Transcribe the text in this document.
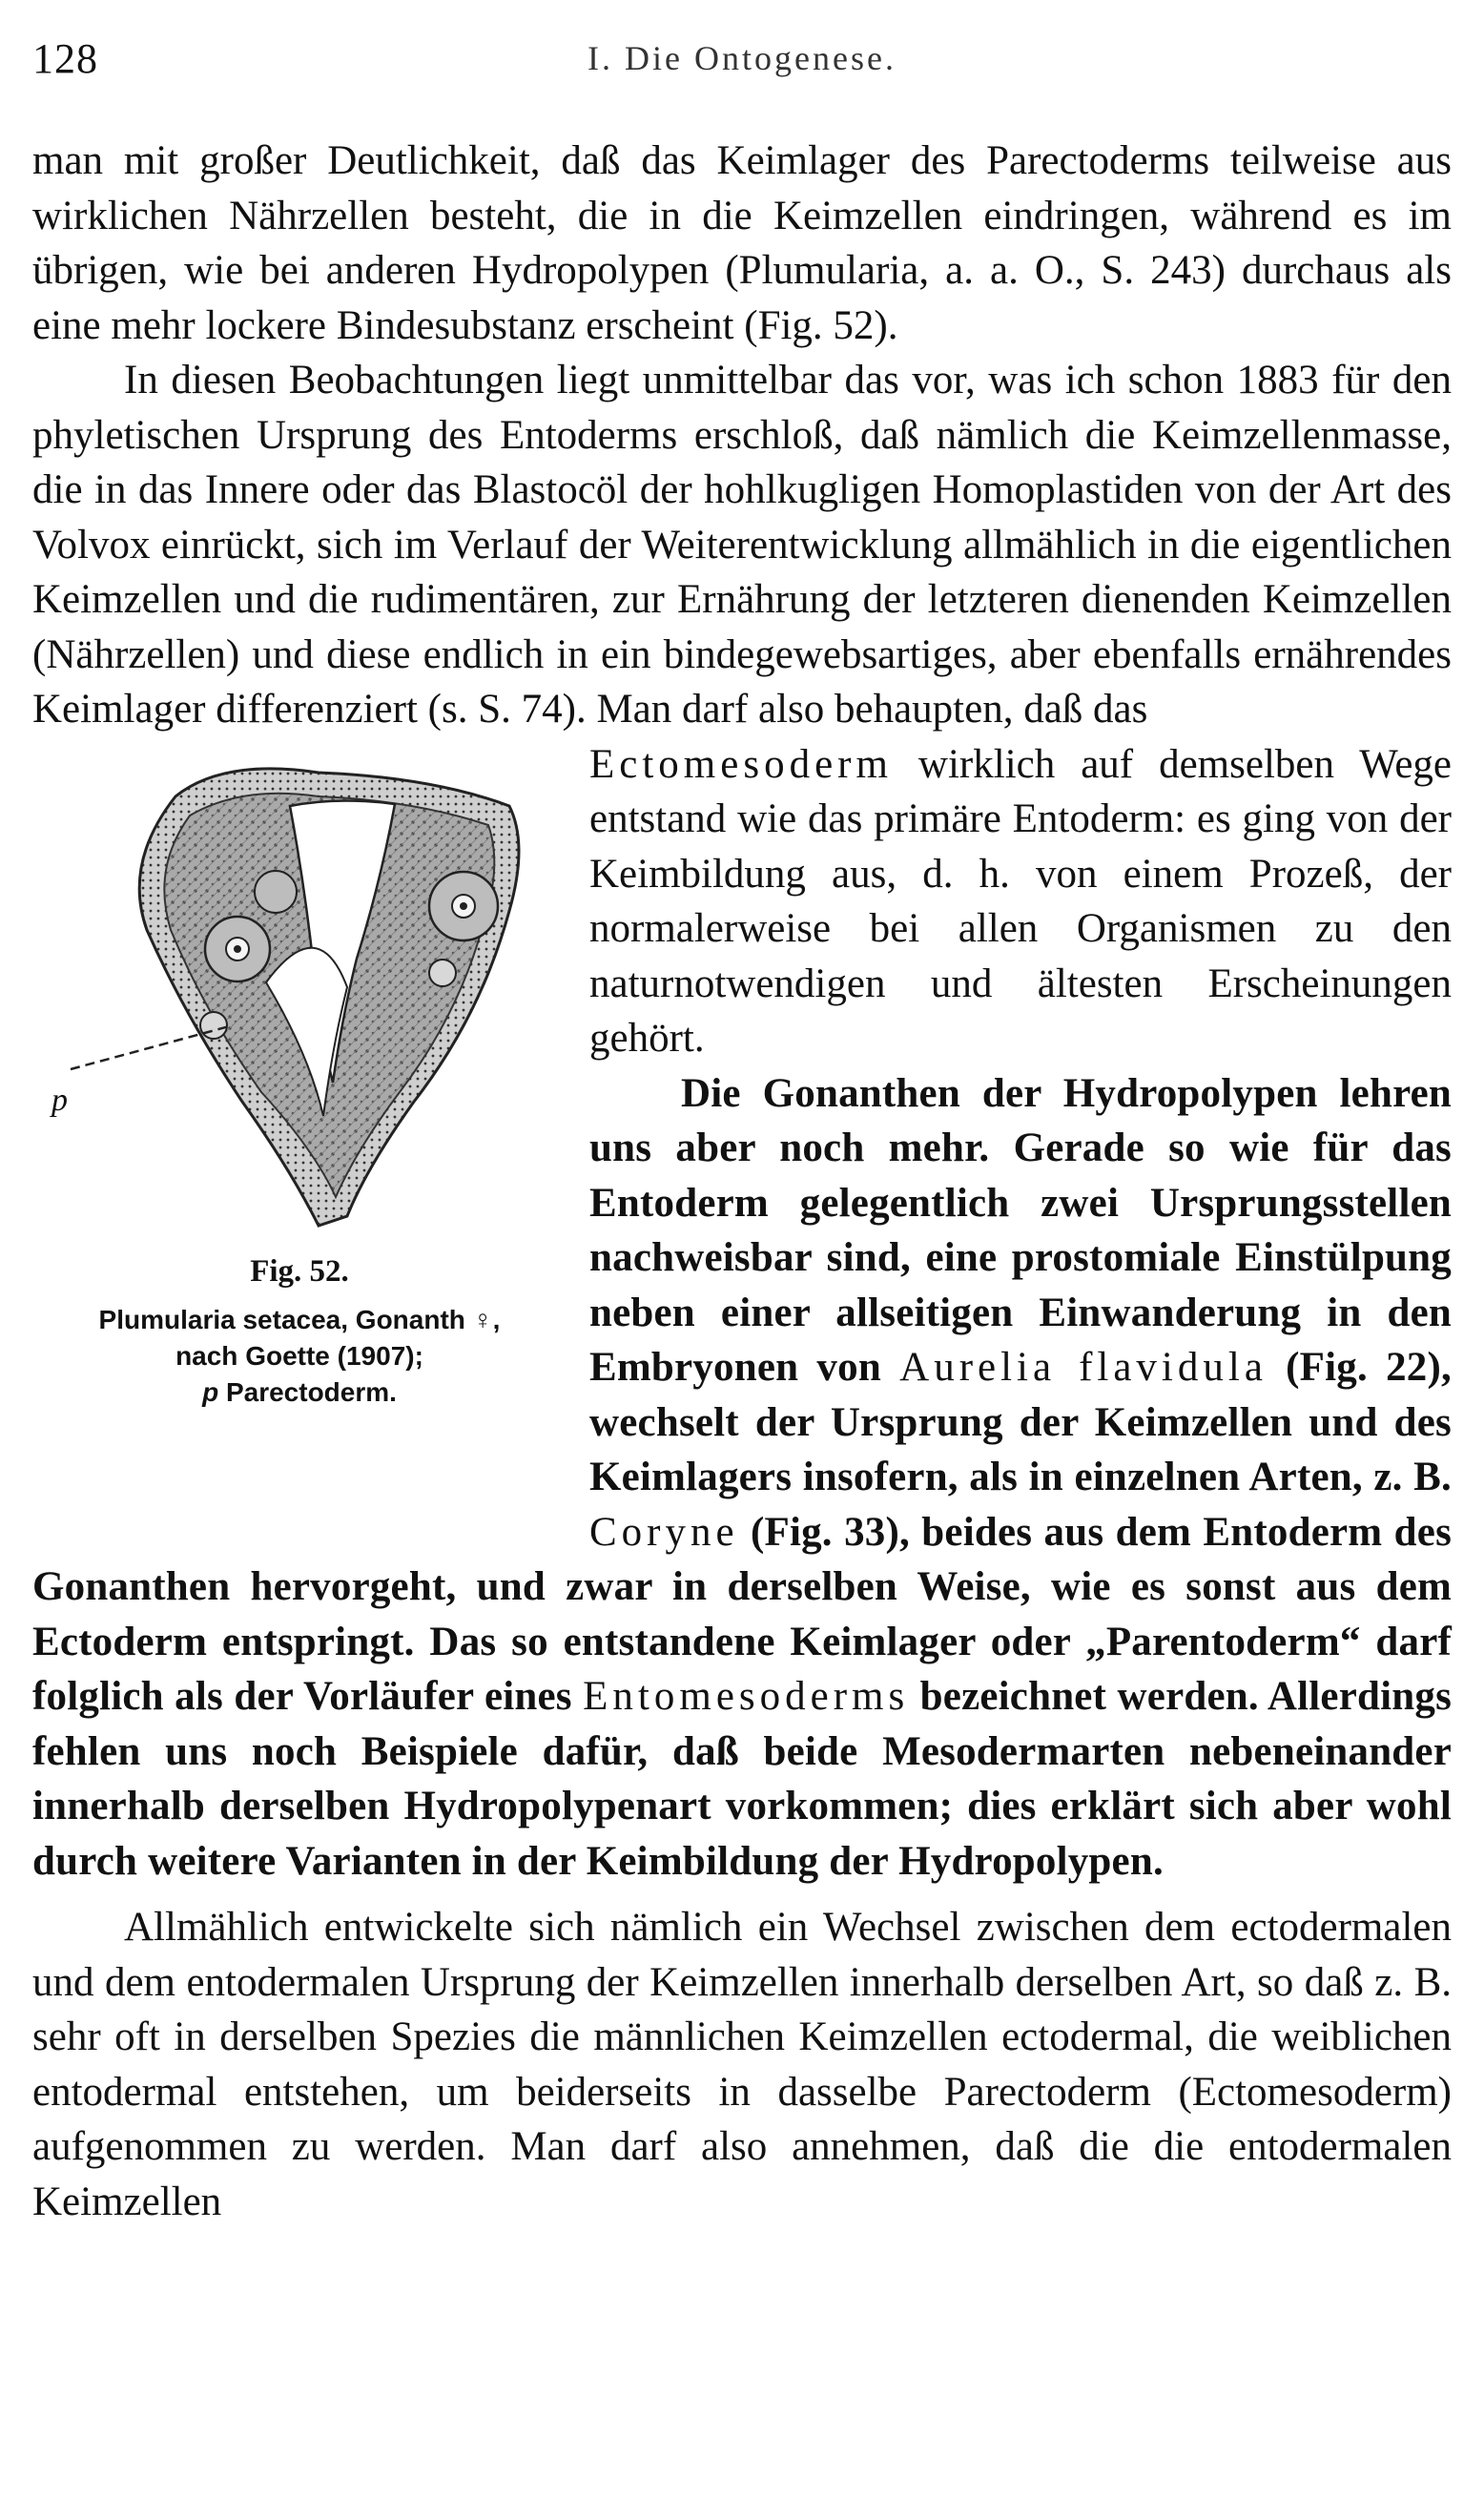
128	I. Die Ontogenese.

man mit großer Deutlichkeit, daß das Keimlager des Parectoderms teilweise aus wirklichen Nährzellen besteht, die in die Keimzellen eindringen, während es im übrigen, wie bei anderen Hydropolypen (Plumularia, a. a. O., S. 243) durchaus als eine mehr lockere Bindesubstanz erscheint (Fig. 52).

In diesen Beobachtungen liegt unmittelbar das vor, was ich schon 1883 für den phyletischen Ursprung des Entoderms erschloß, daß nämlich die Keimzellenmasse, die in das Innere oder das Blastocöl der hohlkugligen Homoplastiden von der Art des Volvox einrückt, sich im Verlauf der Weiterentwicklung allmählich in die eigentlichen Keimzellen und die rudimentären, zur Ernährung der letzteren dienenden Keimzellen (Nährzellen) und diese endlich in ein bindegewebsartiges, aber ebenfalls ernährendes Keimlager differenziert (s. S. 74). Man darf also behaupten, daß das

p
Fig. 52.
Plumularia setacea, Gonanth ♀,
nach Goette (1907);
p Parectoderm.

Ectomesoderm wirklich auf demselben Wege entstand wie das primäre Entoderm: es ging von der Keimbildung aus, d. h. von einem Prozeß, der normalerweise bei allen Organismen zu den naturnotwendigen und ältesten Erscheinungen gehört.

Die Gonanthen der Hydropolypen lehren uns aber noch mehr. Gerade so wie für das Entoderm gelegentlich zwei Ursprungsstellen nachweisbar sind, eine prostomiale Einstülpung neben einer allseitigen Einwanderung in den Embryonen von Aurelia flavidula (Fig. 22), wechselt der Ursprung der Keimzellen und des Keimlagers insofern, als in einzelnen Arten, z. B. Coryne (Fig. 33), beides aus dem Entoderm des Gonanthen hervorgeht, und zwar in derselben Weise, wie es sonst aus dem Ectoderm entspringt. Das so entstandene Keimlager oder „Parentoderm“ darf folglich als der Vorläufer eines Entomesoderms bezeichnet werden. Allerdings fehlen uns noch Beispiele dafür, daß beide Mesodermarten nebeneinander innerhalb derselben Hydropolypenart vorkommen; dies erklärt sich aber wohl durch weitere Varianten in der Keimbildung der Hydropolypen.

Allmählich entwickelte sich nämlich ein Wechsel zwischen dem ectodermalen und dem entodermalen Ursprung der Keimzellen innerhalb derselben Art, so daß z. B. sehr oft in derselben Spezies die männlichen Keimzellen ectodermal, die weiblichen entodermal entstehen, um beiderseits in dasselbe Parectoderm (Ectomesoderm) aufgenommen zu werden. Man darf also annehmen, daß die die entodermalen Keimzellen
